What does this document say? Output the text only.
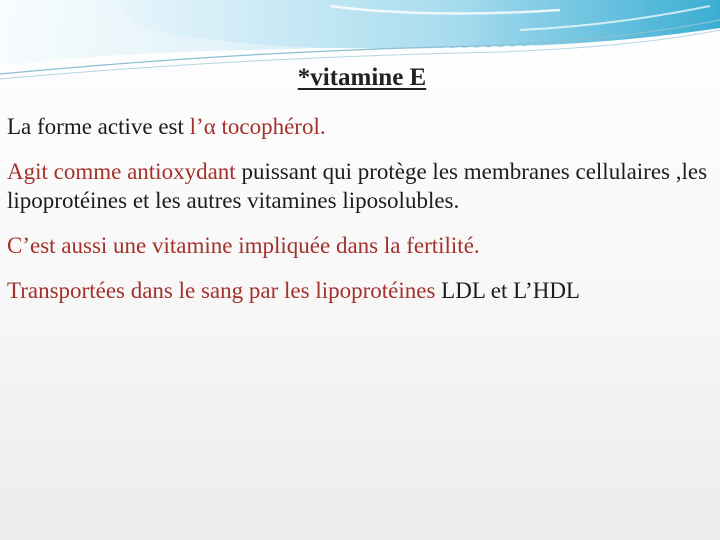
*vitamine E

La forme active est l’α tocophérol.

Agit comme antioxydant puissant qui protège les membranes cellulaires ,les lipoprotéines et les autres vitamines liposolubles.

C’est aussi une vitamine impliquée dans la fertilité.

Transportées dans le sang par les lipoprotéines LDL et L’HDL
